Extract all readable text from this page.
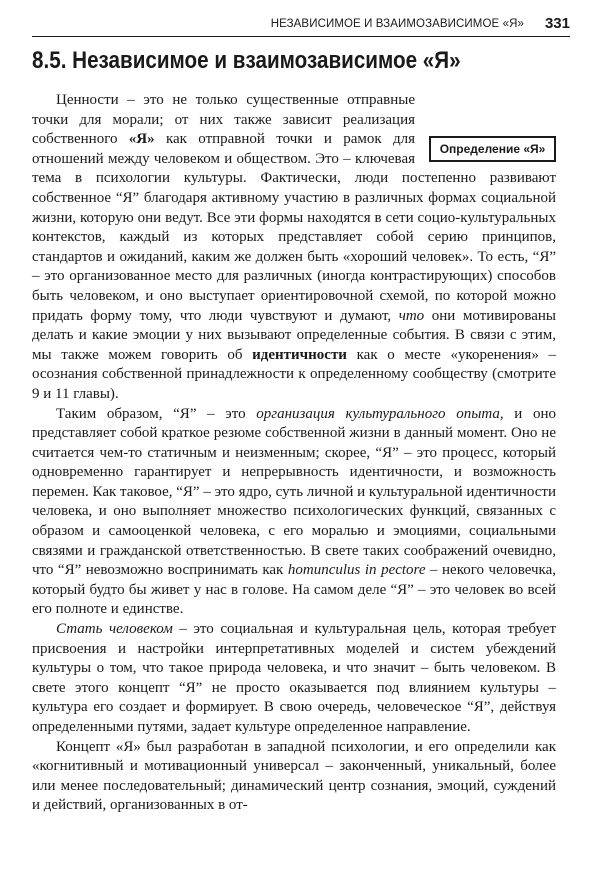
НЕЗАВИСИМОЕ И ВЗАИМОЗАВИСИМОЕ «Я» 331
8.5. Независимое и взаимозависимое «Я»

Определение «Я»
Ценности – это не только существенные отправные точки для морали; от них также зависит реализация собственного «Я» как отправной точки и рамок для отношений между человеком и обществом. Это – ключевая тема в психологии культуры. Фактически, люди постепенно развивают собственное “Я” благодаря активному участию в различных формах социальной жизни, которую они ведут. Все эти формы находятся в сети социо-культуральных контекстов, каждый из которых представляет собой серию принципов, стандартов и ожиданий, каким же должен быть «хороший человек». То есть, “Я” – это организованное место для различных (иногда контрастирующих) способов быть человеком, и оно выступает ориентировочной схемой, по которой можно придать форму тому, что люди чувствуют и думают, что они мотивированы делать и какие эмоции у них вызывают определенные события. В связи с этим, мы также можем говорить об идентичности как о месте «укоренения» – осознания собственной принадлежности к определенному сообществу (смотрите 9 и 11 главы).

Таким образом, “Я” – это организация культурального опыта, и оно представляет собой краткое резюме собственной жизни в данный момент. Оно не считается чем-то статичным и неизменным; скорее, “Я” – это процесс, который одновременно гарантирует и непрерывность идентичности, и возможность перемен. Как таковое, “Я” – это ядро, суть личной и культуральной идентичности человека, и оно выполняет множество психологических функций, связанных с образом и самооценкой человека, с его моралью и эмоциями, социальными связями и гражданской ответственностью. В свете таких соображений очевидно, что “Я” невозможно воспринимать как homunculus in pectore – некого человечка, который будто бы живет у нас в голове. На самом деле “Я” – это человек во всей его полноте и единстве.

Стать человеком – это социальная и культуральная цель, которая требует присвоения и настройки интерпретативных моделей и систем убеждений культуры о том, что такое природа человека, и что значит – быть человеком. В свете этого концепт “Я” не просто оказывается под влиянием культуры – культура его создает и формирует. В свою очередь, человеческое “Я”, действуя определенными путями, задает культуре определенное направление.

Концепт «Я» был разработан в западной психологии, и его определили как «когнитивный и мотивационный универсал – законченный, уникальный, более или менее последовательный; динамический центр сознания, эмоций, суждений и действий, организованных в от-
